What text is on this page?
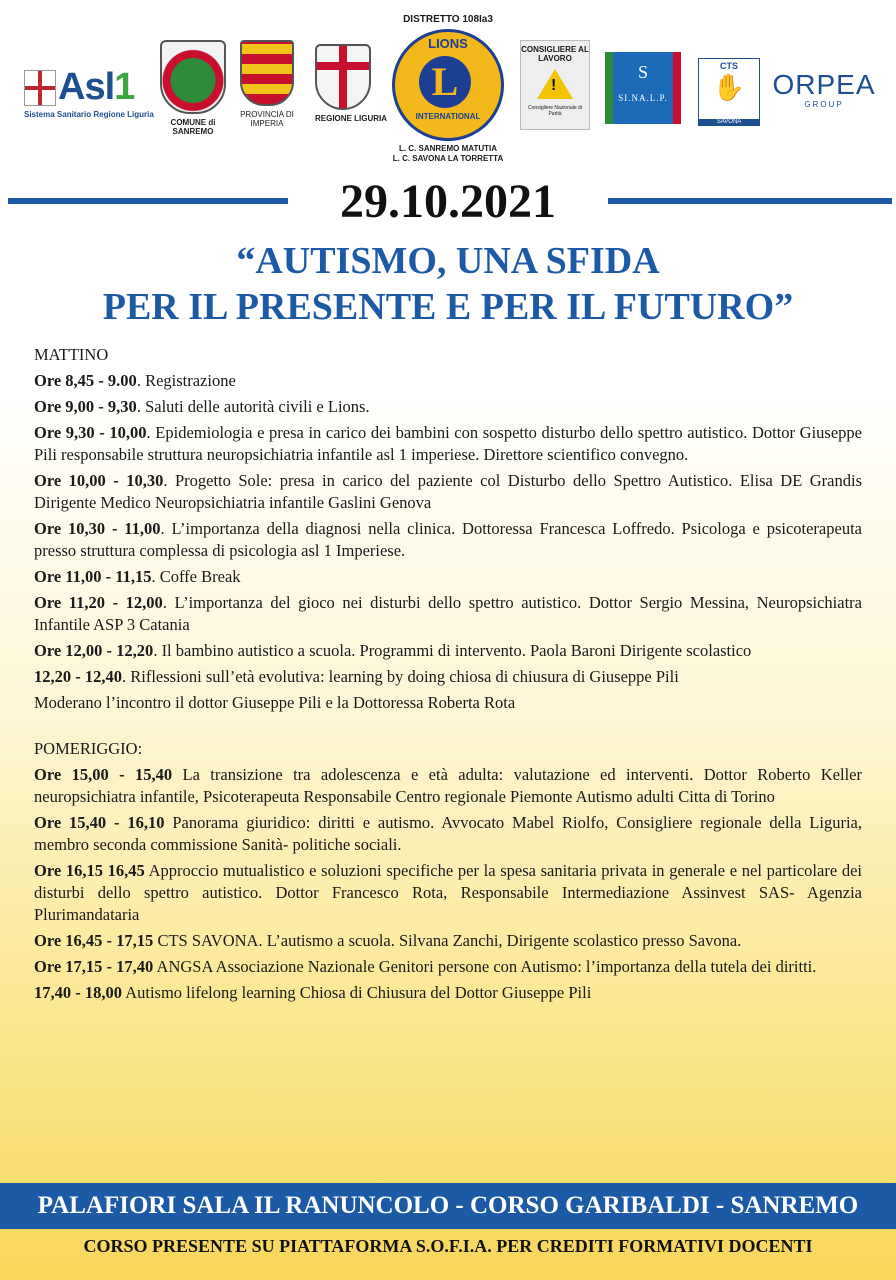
Asl1
Sistema Sanitario Regione Liguria
COMUNE di SANREMO
PROVINCIA DI IMPERIA
REGIONE LIGURIA
DISTRETTO 108Ia3
LIONS
L
INTERNATIONAL
L. C. SANREMO MATUTIA
L. C. SAVONA LA TORRETTA
CONSIGLIERE AL LAVORO
!
Consigliere Nazionale di Parità
S
SI.NA.L.P.
CTS
✋
SAVONA
ORPEA
GROUP
29.10.2021
“AUTISMO, UNA SFIDA
PER IL PRESENTE E PER IL FUTURO”
MATTINO
Ore 8,45 - 9.00. Registrazione
Ore 9,00 - 9,30. Saluti delle autorità civili e Lions.
Ore 9,30 - 10,00. Epidemiologia e presa in carico dei bambini con sospetto disturbo dello spettro autistico. Dottor Giuseppe Pili responsabile struttura neuropsichiatria infantile asl 1 imperiese. Direttore scientifico convegno.
Ore 10,00 - 10,30. Progetto Sole: presa in carico del paziente col Disturbo dello Spettro Autistico. Elisa DE Grandis Dirigente Medico Neuropsichiatria infantile Gaslini Genova
Ore 10,30 - 11,00. L’importanza della diagnosi nella clinica. Dottoressa Francesca Loffredo. Psicologa e psicoterapeuta presso struttura complessa di psicologia asl 1 Imperiese.
Ore 11,00 - 11,15. Coffe Break
Ore 11,20 - 12,00. L’importanza del gioco nei disturbi dello spettro autistico. Dottor Sergio Messina, Neuropsichiatra Infantile ASP 3 Catania
Ore 12,00 - 12,20. Il bambino autistico a scuola. Programmi di intervento. Paola Baroni Dirigente scolastico
12,20 - 12,40. Riflessioni sull’età evolutiva: learning by doing chiosa di chiusura di Giuseppe Pili
Moderano l’incontro il dottor Giuseppe Pili e la Dottoressa Roberta Rota
POMERIGGIO:
Ore 15,00 - 15,40 La transizione tra adolescenza e età adulta: valutazione ed interventi. Dottor Roberto Keller neuropsichiatra infantile, Psicoterapeuta Responsabile Centro regionale Piemonte Autismo adulti Citta di Torino
Ore 15,40 - 16,10 Panorama giuridico: diritti e autismo. Avvocato Mabel Riolfo, Consigliere regionale della Liguria, membro seconda commissione Sanità- politiche sociali.
Ore 16,15 16,45 Approccio mutualistico e soluzioni specifiche per la spesa sanitaria privata in generale e nel particolare dei disturbi dello spettro autistico. Dottor Francesco Rota, Responsabile Intermediazione Assinvest SAS- Agenzia Plurimandataria
Ore 16,45 - 17,15 CTS SAVONA. L’autismo a scuola. Silvana Zanchi, Dirigente scolastico presso Savona.
Ore 17,15 - 17,40 ANGSA Associazione Nazionale Genitori persone con Autismo: l’importanza della tutela dei diritti.
17,40 - 18,00 Autismo lifelong learning Chiosa di Chiusura del Dottor Giuseppe Pili
PALAFIORI SALA IL RANUNCOLO - CORSO GARIBALDI - SANREMO
CORSO PRESENTE SU PIATTAFORMA S.O.F.I.A. PER CREDITI FORMATIVI DOCENTI
